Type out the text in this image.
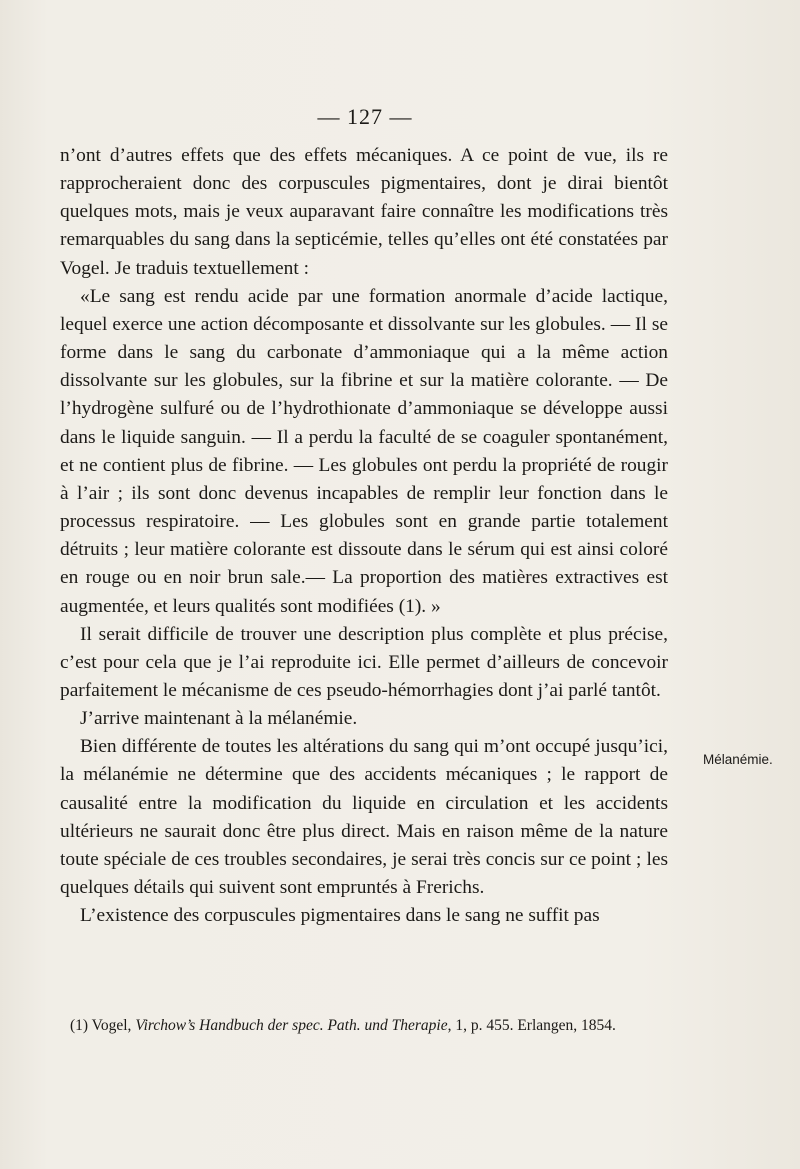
— 127 —

n’ont d’autres effets que des effets mécaniques. A ce point de vue, ils re rapprocheraient donc des corpuscules pigmentaires, dont je dirai bientôt quelques mots, mais je veux auparavant faire connaître les modifications très remarquables du sang dans la septicémie, telles qu’elles ont été constatées par Vogel. Je traduis textuellement :

«Le sang est rendu acide par une formation anormale d’acide lactique, lequel exerce une action décomposante et dissolvante sur les globules. — Il se forme dans le sang du carbonate d’ammoniaque qui a la même action dissolvante sur les globules, sur la fibrine et sur la matière colorante. — De l’hydrogène sulfuré ou de l’hydrothionate d’ammoniaque se développe aussi dans le liquide sanguin. — Il a perdu la faculté de se coaguler spontanément, et ne contient plus de fibrine. — Les globules ont perdu la propriété de rougir à l’air ; ils sont donc devenus incapables de remplir leur fonction dans le processus respiratoire. — Les globules sont en grande partie totalement détruits ; leur matière colorante est dissoute dans le sérum qui est ainsi coloré en rouge ou en noir brun sale.— La proportion des matières extractives est augmentée, et leurs qualités sont modifiées (1). »

Il serait difficile de trouver une description plus complète et plus précise, c’est pour cela que je l’ai reproduite ici. Elle permet d’ailleurs de concevoir parfaitement le mécanisme de ces pseudo-hémorrhagies dont j’ai parlé tantôt.

J’arrive maintenant à la mélanémie.

Bien différente de toutes les altérations du sang qui m’ont occupé jusqu’ici, la mélanémie ne détermine que des accidents mécaniques ; le rapport de causalité entre la modification du liquide en circulation et les accidents ultérieurs ne saurait donc être plus direct. Mais en raison même de la nature toute spéciale de ces troubles secondaires, je serai très concis sur ce point ; les quelques détails qui suivent sont empruntés à Frerichs.

L’existence des corpuscules pigmentaires dans le sang ne suffit pas

Mélanémie.
(1) Vogel, Virchow’s Handbuch der spec. Path. und Therapie, 1, p. 455. Erlangen, 1854.
